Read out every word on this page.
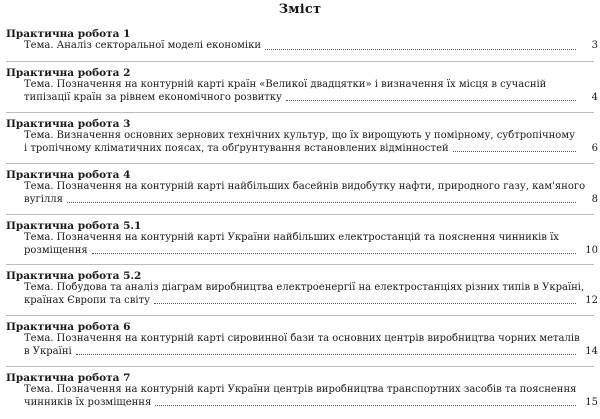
Зміст
Практична робота 1
Тема. Аналіз секторальної моделі економіки	3
Практична робота 2
Тема. Позначення на контурній карті країн «Великої двадцятки» і визначення їх місця в сучасній
типізації країн за рівнем економічного розвитку	4
Практична робота 3
Тема. Визначення основних зернових технічних культур, що їх вирощують у помірному, субтропічному
і тропічному кліматичних поясах, та обґрунтування встановлених відмінностей	6
Практична робота 4
Тема. Позначення на контурній карті найбільших басейнів видобутку нафти, природного газу, кам'яного
вугілля	8
Практична робота 5.1
Тема. Позначення на контурній карті України найбільших електростанцій та пояснення чинників їх
розміщення	10
Практична робота 5.2
Тема. Побудова та аналіз діаграм виробництва електроенергії на електростанціях різних типів в Україні,
країнах Європи та світу	12
Практична робота 6
Тема. Позначення на контурній карті сировинної бази та основних центрів виробництва чорних металів
в Україні	14
Практична робота 7
Тема. Позначення на контурній карті України центрів виробництва транспортних засобів та пояснення
чинників їх розміщення	15
